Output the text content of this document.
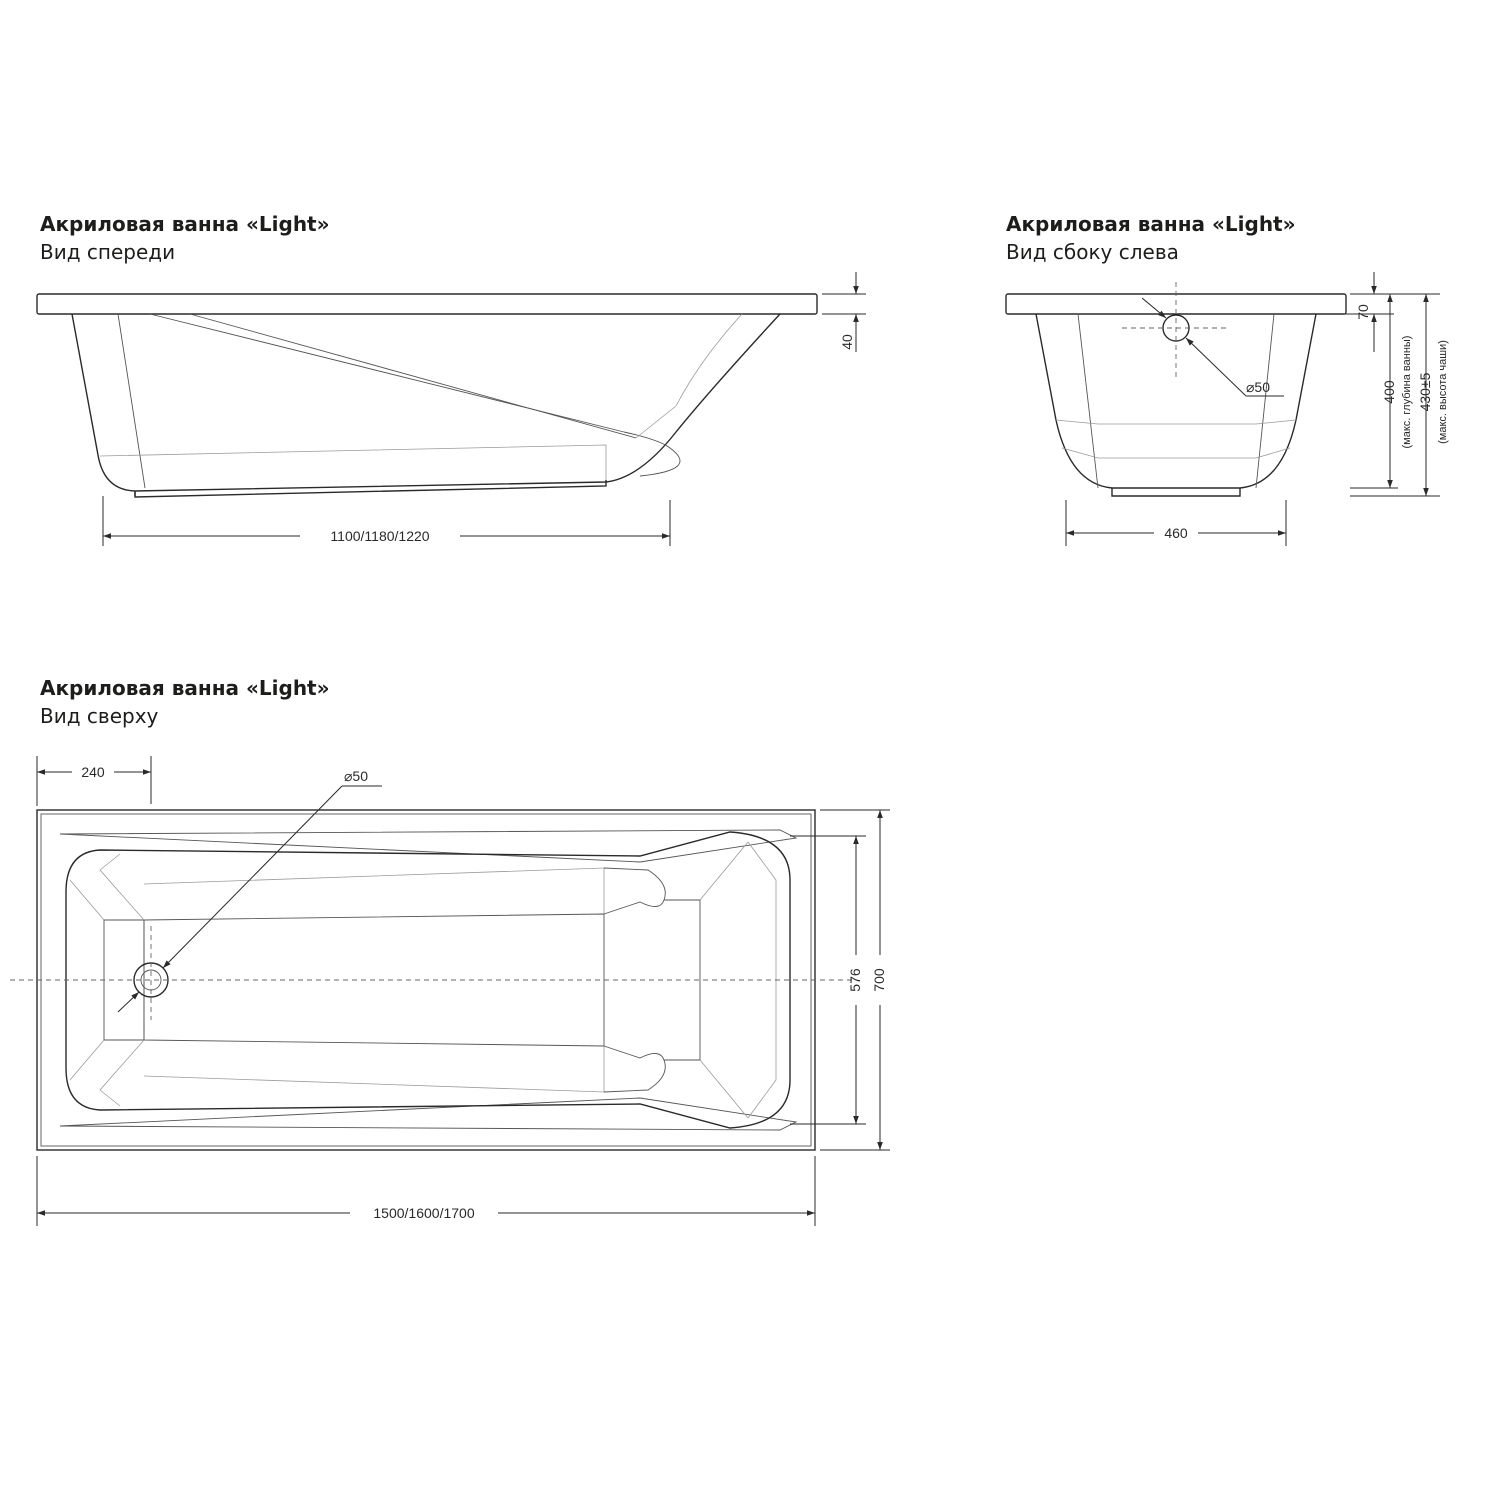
Акриловая ванна «Light»

Вид спереди

Акриловая ванна «Light»

Вид сбоку слева

Акриловая ванна «Light»

Вид сверху

1100/1180/1220
40
⌀50
460
70
400 (макс. глубина ванны) 430±5 (макс. высота чаши)
⌀50
240
1500/1600/1700
576 700
